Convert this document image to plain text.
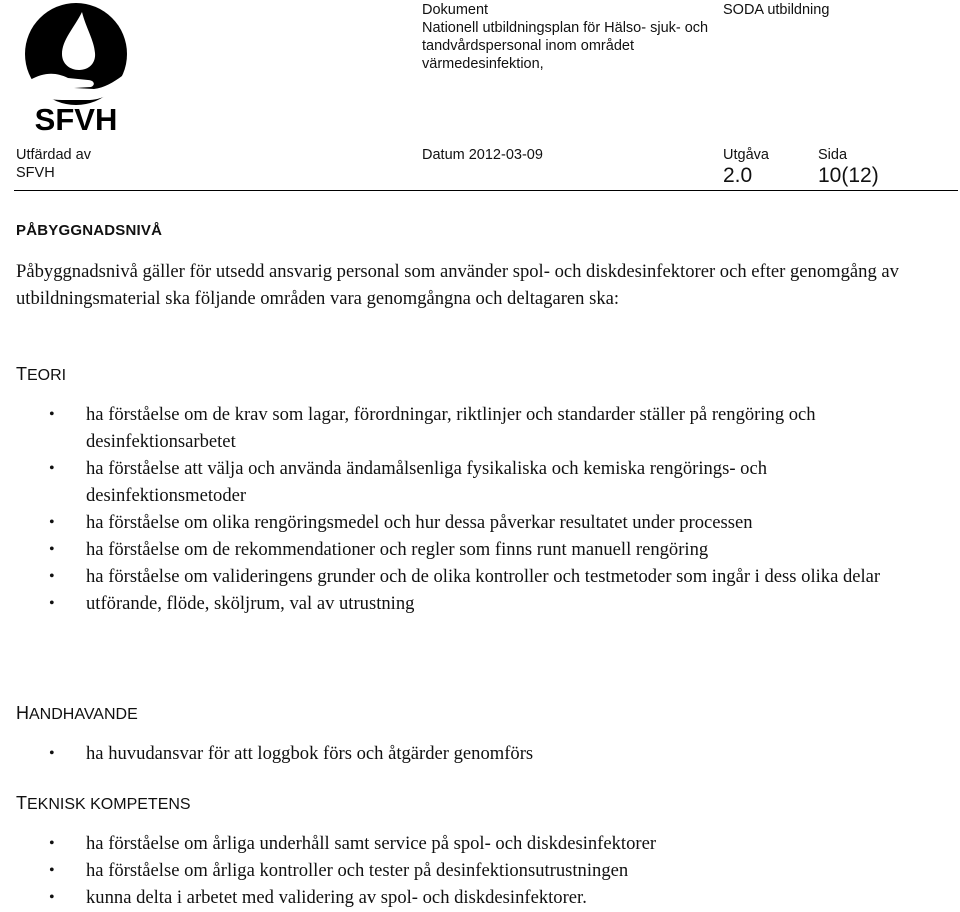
SFVH
Dokument
Nationell utbildningsplan för Hälso- sjuk- och tandvårdspersonal inom området värmedesinfektion,
SODA utbildning
Utfärdad av
SFVH
Datum 2012-03-09	Utgåva
2.0
Sida
10(12)
PÅBYGGNADSNIVÅ

Påbyggnadsnivå gäller för utsedd ansvarig personal som använder spol- och diskdesinfektorer och efter genomgång av utbildningsmaterial ska följande områden vara genomgångna och deltagaren ska:

TEORI
• ha förståelse om de krav som lagar, förordningar, riktlinjer och standarder ställer på rengöring och desinfektionsarbetet
• ha förståelse att välja och använda ändamålsenliga fysikaliska och kemiska rengörings- och desinfektionsmetoder
• ha förståelse om olika rengöringsmedel och hur dessa påverkar resultatet under processen
• ha förståelse om de rekommendationer och regler som finns runt manuell rengöring
• ha förståelse om valideringens grunder och de olika kontroller och testmetoder som ingår i dess olika delar
• utförande, flöde, sköljrum, val av utrustning
HANDHAVANDE
• ha huvudansvar för att loggbok förs och åtgärder genomförs
TEKNISK KOMPETENS
• ha förståelse om årliga underhåll samt service på spol- och diskdesinfektorer
• ha förståelse om årliga kontroller och tester på desinfektionsutrustningen
• kunna delta i arbetet med validering av spol- och diskdesinfektorer.
